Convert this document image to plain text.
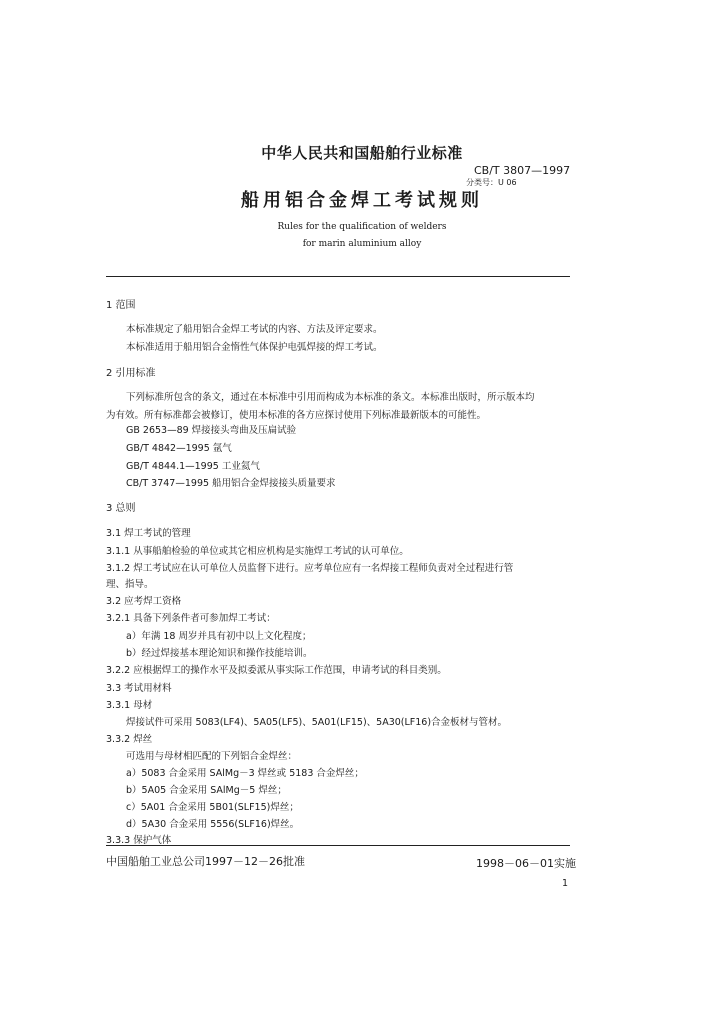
中华人民共和国船舶行业标准
CB/T 3807—1997
分类号：U 06
船用铝合金焊工考试规则
Rules for the qualification of welders
for marin aluminium alloy
1 范围
本标准规定了船用铝合金焊工考试的内容、方法及评定要求。
本标准适用于船用铝合金惰性气体保护电弧焊接的焊工考试。
2 引用标准
下列标准所包含的条文，通过在本标准中引用而构成为本标准的条文。本标准出版时，所示版本均
为有效。所有标准都会被修订，使用本标准的各方应探讨使用下列标准最新版本的可能性。
GB 2653—89 焊接接头弯曲及压扁试验
GB/T 4842—1995 氩气
GB/T 4844.1—1995 工业氦气
CB/T 3747—1995 船用铝合金焊接接头质量要求
3 总则
3.1 焊工考试的管理
3.1.1 从事船舶检验的单位或其它相应机构是实施焊工考试的认可单位。
3.1.2 焊工考试应在认可单位人员监督下进行。应考单位应有一名焊接工程师负责对全过程进行管
理、指导。
3.2 应考焊工资格
3.2.1 具备下列条件者可参加焊工考试：
a）年满 18 周岁并具有初中以上文化程度；
b）经过焊接基本理论知识和操作技能培训。
3.2.2 应根据焊工的操作水平及拟委派从事实际工作范围，申请考试的科目类别。
3.3 考试用材料
3.3.1 母材
焊接试件可采用 5083(LF4)、5A05(LF5)、5A01(LF15)、5A30(LF16)合金板材与管材。
3.3.2 焊丝
可选用与母材相匹配的下列铝合金焊丝：
a）5083 合金采用 SAlMg－3 焊丝或 5183 合金焊丝；
b）5A05 合金采用 SAlMg－5 焊丝；
c）5A01 合金采用 5B01(SLF15)焊丝；
d）5A30 合金采用 5556(SLF16)焊丝。
3.3.3 保护气体
中国船舶工业总公司1997－12－26批准	1998－06－01实施
1
